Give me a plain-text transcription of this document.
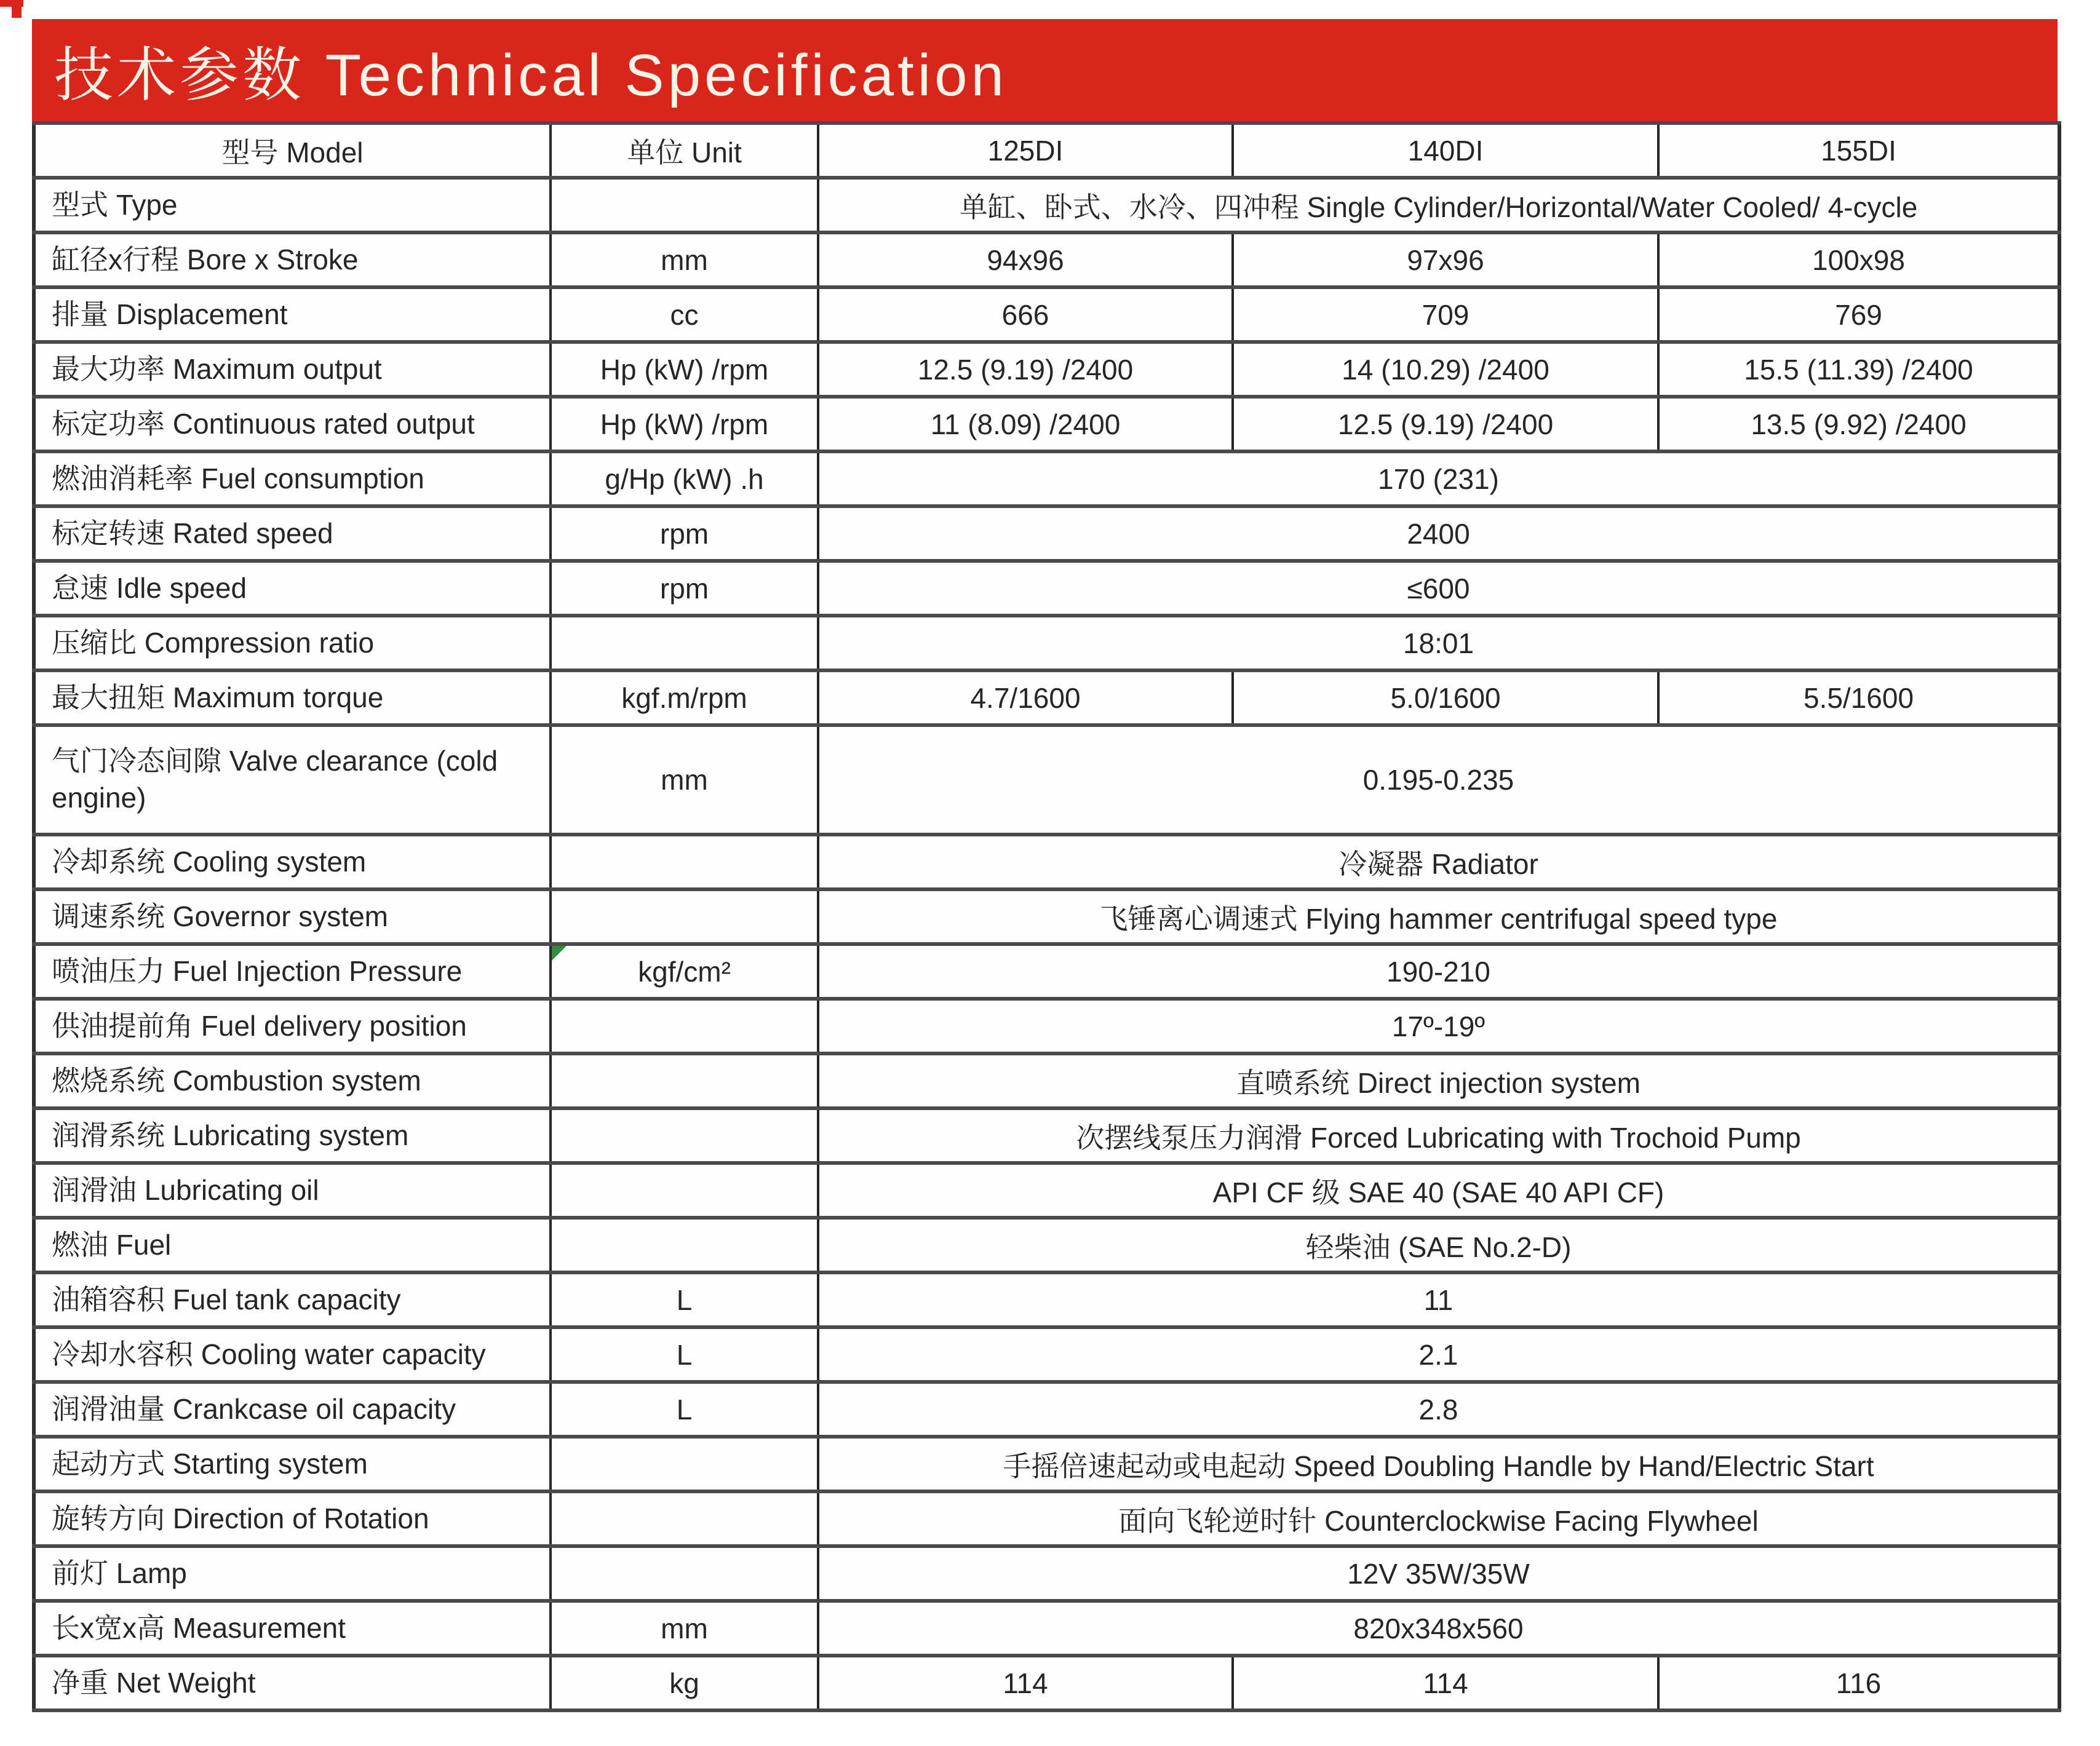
技术参数 Technical Specification
型号 Model	单位 Unit	125DI	140DI	155DI
型式 Type		单缸、卧式、水冷、四冲程 Single Cylinder/Horizontal/Water Cooled/ 4-cycle		
缸径x行程 Bore x Stroke	mm	94x96	97x96	100x98
排量 Displacement	cc	666	709	769
最大功率 Maximum output	Hp (kW) /rpm	12.5 (9.19) /2400	14 (10.29) /2400	15.5 (11.39) /2400
标定功率 Continuous rated output	Hp (kW) /rpm	11 (8.09) /2400	12.5 (9.19) /2400	13.5 (9.92) /2400
燃油消耗率 Fuel consumption	g/Hp (kW) .h	170 (231)		
标定转速 Rated speed	rpm	2400		
怠速 Idle speed	rpm	≤600		
压缩比 Compression ratio		18:01		
最大扭矩 Maximum torque	kgf.m/rpm	4.7/1600	5.0/1600	5.5/1600
气门冷态间隙 Valve clearance (cold engine)	mm	0.195-0.235		
冷却系统 Cooling system		冷凝器 Radiator		
调速系统 Governor system		飞锤离心调速式 Flying hammer centrifugal speed type		
喷油压力 Fuel Injection Pressure	kgf/cm²	190-210		
供油提前角 Fuel delivery position		17º-19º		
燃烧系统 Combustion system		直喷系统 Direct injection system		
润滑系统 Lubricating system		次摆线泵压力润滑 Forced Lubricating with Trochoid Pump		
润滑油 Lubricating oil		API CF 级 SAE 40 (SAE 40 API CF)		
燃油 Fuel		轻柴油 (SAE No.2-D)		
油箱容积 Fuel tank capacity	L	11		
冷却水容积 Cooling water capacity	L	2.1		
润滑油量 Crankcase oil capacity	L	2.8		
起动方式 Starting system		手摇倍速起动或电起动 Speed Doubling Handle by Hand/Electric Start		
旋转方向 Direction of Rotation		面向飞轮逆时针 Counterclockwise Facing Flywheel		
前灯 Lamp		12V 35W/35W		
长x宽x高 Measurement	mm	820x348x560		
净重 Net Weight	kg	114	114	116
